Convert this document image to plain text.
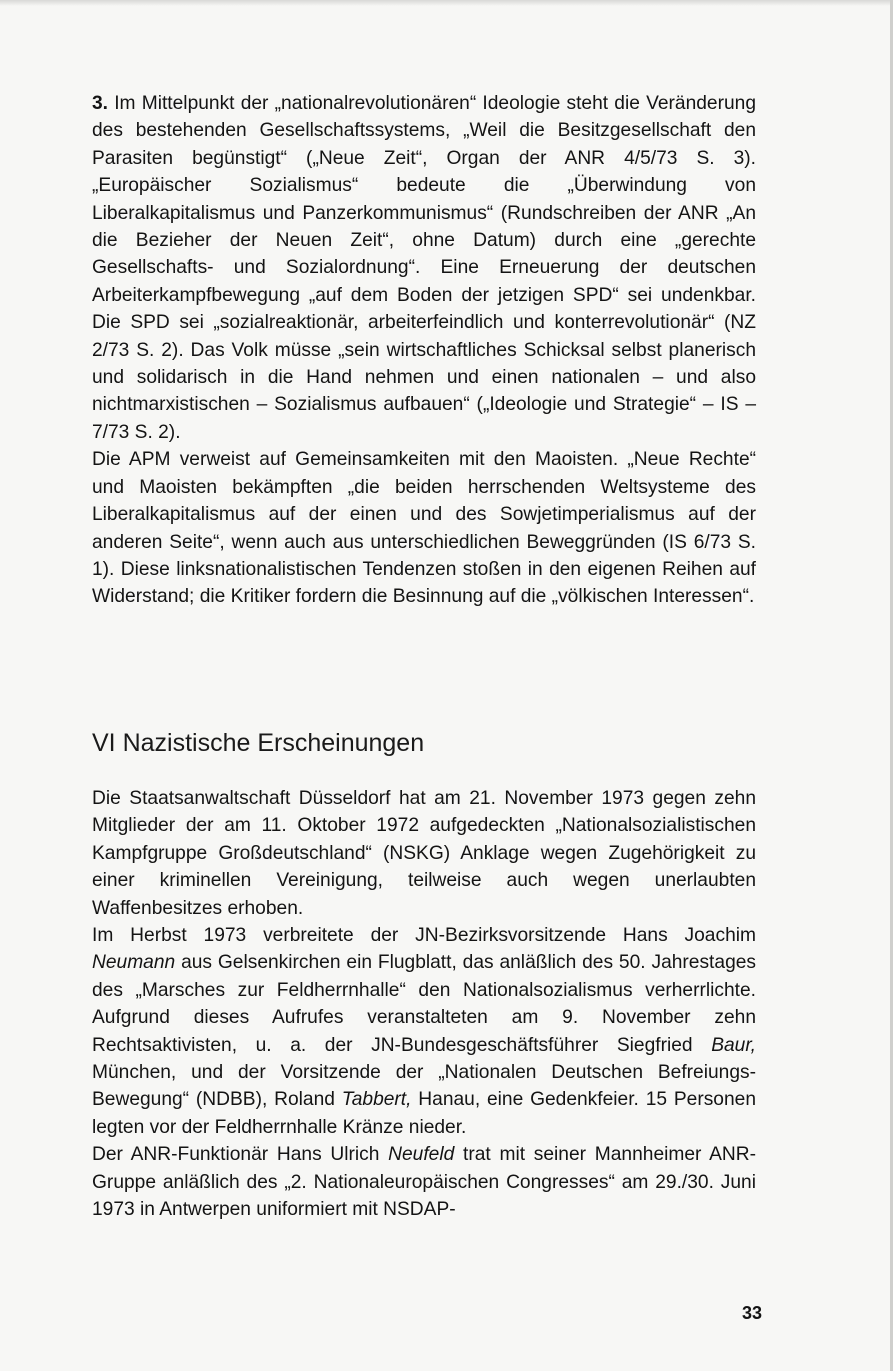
3. Im Mittelpunkt der „nationalrevolutionären“ Ideologie steht die Veränderung des bestehenden Gesellschaftssystems, „Weil die Besitzgesellschaft den Parasiten begünstigt“ („Neue Zeit“, Organ der ANR 4/5/73 S. 3). „Europäischer Sozialismus“ bedeute die „Überwindung von Liberalkapitalismus und Panzerkommunismus“ (Rundschreiben der ANR „An die Bezieher der Neuen Zeit“, ohne Datum) durch eine „gerechte Gesellschafts- und Sozialordnung“. Eine Erneuerung der deutschen Arbeiterkampfbewegung „auf dem Boden der jetzigen SPD“ sei undenkbar. Die SPD sei „sozialreaktionär, arbeiterfeindlich und konterrevolutionär“ (NZ 2/73 S. 2). Das Volk müsse „sein wirtschaftliches Schicksal selbst planerisch und solidarisch in die Hand nehmen und einen nationalen – und also nichtmarxistischen – Sozialismus aufbauen“ („Ideologie und Strategie“ – IS – 7/73 S. 2).

Die APM verweist auf Gemeinsamkeiten mit den Maoisten. „Neue Rechte“ und Maoisten bekämpften „die beiden herrschenden Weltsysteme des Liberalkapitalismus auf der einen und des Sowjetimperialismus auf der anderen Seite“, wenn auch aus unterschiedlichen Beweggründen (IS 6/73 S. 1). Diese linksnationalistischen Tendenzen stoßen in den eigenen Reihen auf Widerstand; die Kritiker fordern die Besinnung auf die „völkischen Interessen“.

VI Nazistische Erscheinungen

Die Staatsanwaltschaft Düsseldorf hat am 21. November 1973 gegen zehn Mitglieder der am 11. Oktober 1972 aufgedeckten „Nationalsozialistischen Kampfgruppe Großdeutschland“ (NSKG) Anklage wegen Zugehörigkeit zu einer kriminellen Vereinigung, teilweise auch wegen unerlaubten Waffenbesitzes erhoben.

Im Herbst 1973 verbreitete der JN-Bezirksvorsitzende Hans Joachim Neumann aus Gelsenkirchen ein Flugblatt, das anläßlich des 50. Jahrestages des „Marsches zur Feldherrnhalle“ den Nationalsozialismus verherrlichte. Aufgrund dieses Aufrufes veranstalteten am 9. November zehn Rechtsaktivisten, u. a. der JN-Bundesgeschäftsführer Siegfried Baur, München, und der Vorsitzende der „Nationalen Deutschen Befreiungs-Bewegung“ (NDBB), Roland Tabbert, Hanau, eine Gedenkfeier. 15 Personen legten vor der Feldherrnhalle Kränze nieder.

Der ANR-Funktionär Hans Ulrich Neufeld trat mit seiner Mannheimer ANR-Gruppe anläßlich des „2. Nationaleuropäischen Congresses“ am 29./30. Juni 1973 in Antwerpen uniformiert mit NSDAP-

33
